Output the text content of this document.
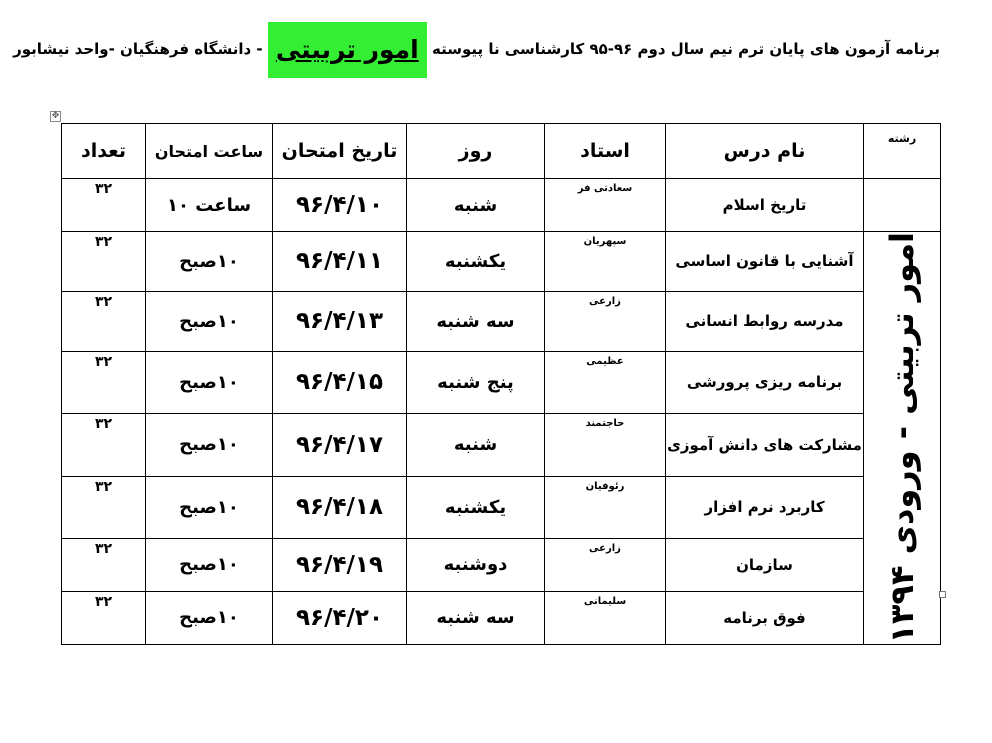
برنامه آزمون های پایان ترم نیم سال دوم ۹۶-۹۵ کارشناسی نا پیوسته امور تربیتی - دانشگاه فرهنگیان -واحد نیشابور
✥
رشته	نام درس	استاد	روز	تاریخ امتحان	ساعت امتحان	تعداد
	تاریخ اسلام	سعادتی فر	شنبه	۹۶/۴/۱۰	ساعت ۱۰	۳۲

امور تربیتی - ورودی ۱۳۹۴	آشنایی با قانون اساسی	سپهریان	یکشنبه	۹۶/۴/۱۱	۱۰صبح	۳۲
	مدرسه روابط انسانی	زارعی	سه شنبه	۹۶/۴/۱۳	۱۰صبح	۳۲
	برنامه ریزی پرورشی	عظیمی	پنج شنبه	۹۶/۴/۱۵	۱۰صبح	۳۲
	مشارکت های دانش آموزی	حاجتمند	شنبه	۹۶/۴/۱۷	۱۰صبح	۳۲
	کاربرد نرم افزار	رئوفیان	یکشنبه	۹۶/۴/۱۸	۱۰صبح	۳۲
	سازمان	زارعی	دوشنبه	۹۶/۴/۱۹	۱۰صبح	۳۲
	فوق برنامه	سلیمانی	سه شنبه	۹۶/۴/۲۰	۱۰صبح	۳۲
